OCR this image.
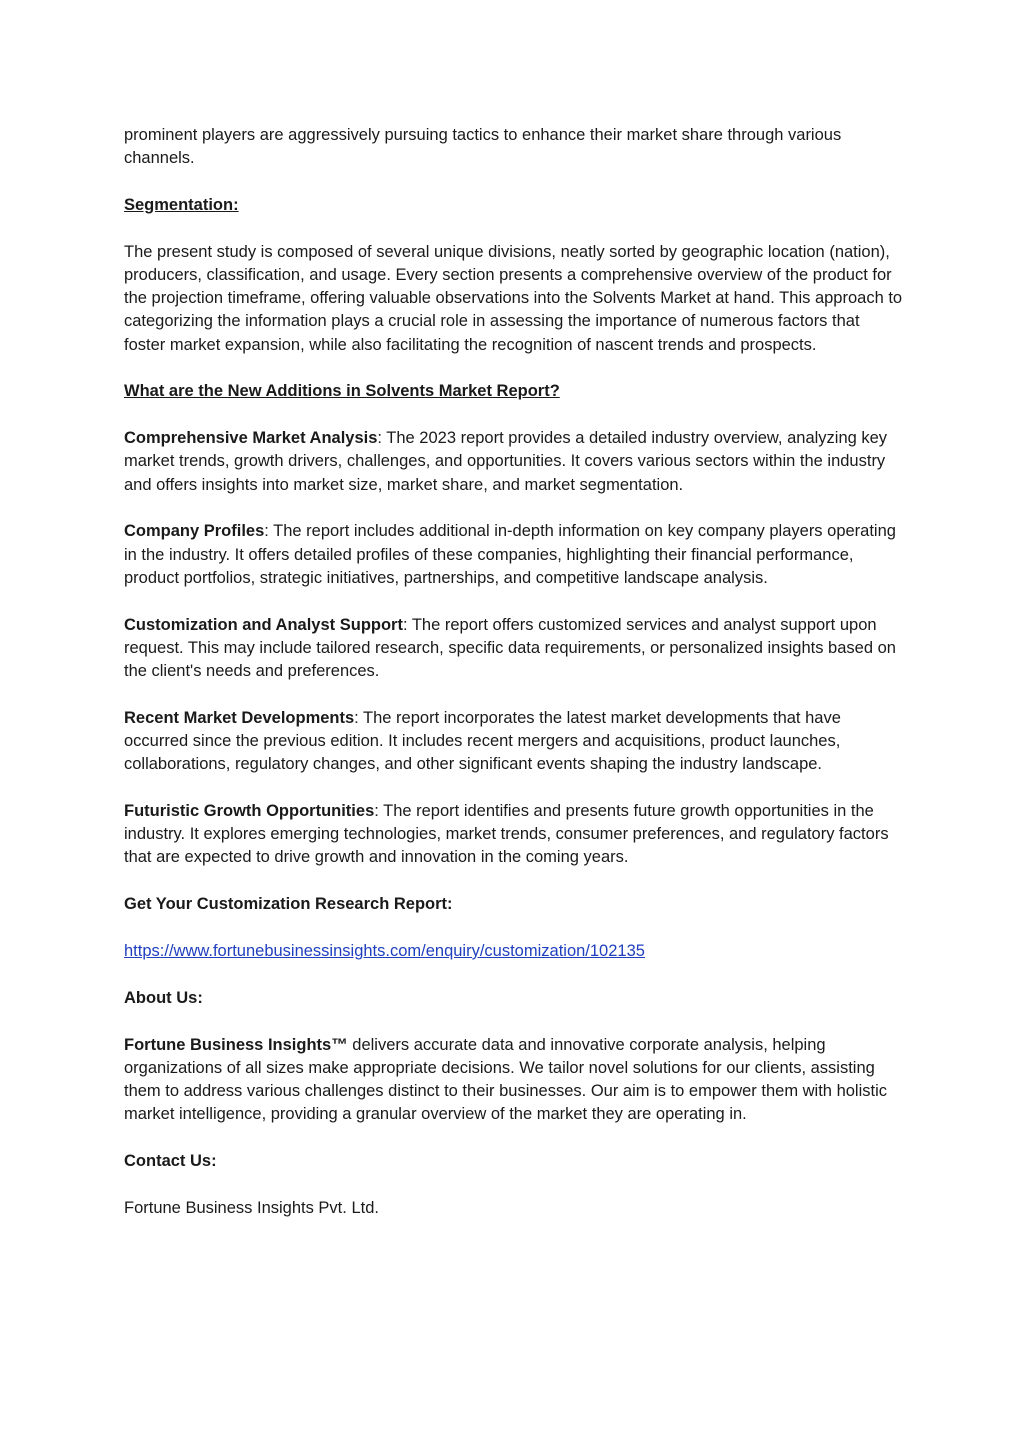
prominent players are aggressively pursuing tactics to enhance their market share through various channels.

Segmentation:

The present study is composed of several unique divisions, neatly sorted by geographic location (nation), producers, classification, and usage. Every section presents a comprehensive overview of the product for the projection timeframe, offering valuable observations into the Solvents Market at hand. This approach to categorizing the information plays a crucial role in assessing the importance of numerous factors that foster market expansion, while also facilitating the recognition of nascent trends and prospects.

What are the New Additions in Solvents Market Report?

Comprehensive Market Analysis: The 2023 report provides a detailed industry overview, analyzing key market trends, growth drivers, challenges, and opportunities. It covers various sectors within the industry and offers insights into market size, market share, and market segmentation.

Company Profiles: The report includes additional in-depth information on key company players operating in the industry. It offers detailed profiles of these companies, highlighting their financial performance, product portfolios, strategic initiatives, partnerships, and competitive landscape analysis.

Customization and Analyst Support: The report offers customized services and analyst support upon request. This may include tailored research, specific data requirements, or personalized insights based on the client's needs and preferences.

Recent Market Developments: The report incorporates the latest market developments that have occurred since the previous edition. It includes recent mergers and acquisitions, product launches, collaborations, regulatory changes, and other significant events shaping the industry landscape.

Futuristic Growth Opportunities: The report identifies and presents future growth opportunities in the industry. It explores emerging technologies, market trends, consumer preferences, and regulatory factors that are expected to drive growth and innovation in the coming years.

Get Your Customization Research Report:

https://www.fortunebusinessinsights.com/enquiry/customization/102135

About Us:

Fortune Business Insights™ delivers accurate data and innovative corporate analysis, helping organizations of all sizes make appropriate decisions. We tailor novel solutions for our clients, assisting them to address various challenges distinct to their businesses. Our aim is to empower them with holistic market intelligence, providing a granular overview of the market they are operating in.

Contact Us:

Fortune Business Insights Pvt. Ltd.
